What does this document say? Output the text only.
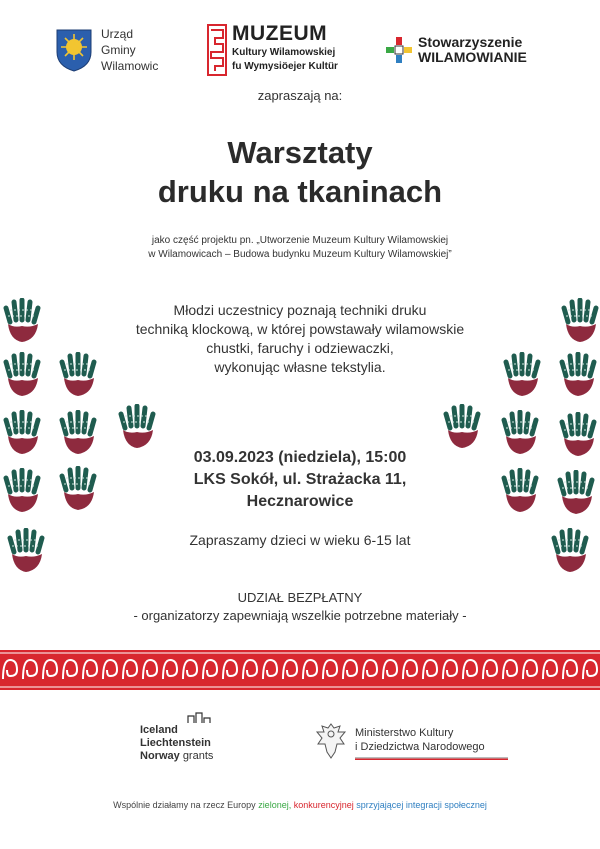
Urząd
Gminy
Wilamowic
MUZEUM
Kultury Wilamowskiej
fu Wymysiöejer Kultür
Stowarzyszenie
WILAMOWIANIE
zapraszają na:
Warsztaty
druku na tkaninach
jako część projektu pn. „Utworzenie Muzeum Kultury Wilamowskiej
w Wilamowicach – Budowa budynku Muzeum Kultury Wilamowskiej”
Młodzi uczestnicy poznają techniki druku
techniką klockową, w której powstawały wilamowskie
chustki, faruchy i odziewaczki,
wykonując własne tekstylia.
03.09.2023 (niedziela), 15:00
LKS Sokół, ul. Strażacka 11,
Hecznarowice
Zapraszamy dzieci w wieku 6-15 lat
UDZIAŁ BEZPŁATNY
- organizatorzy zapewniają wszelkie potrzebne materiały -
Iceland
Liechtenstein
Norway grants
Ministerstwo Kultury
i Dziedzictwa Narodowego
Wspólnie działamy na rzecz Europy zielonej, konkurencyjnej sprzyjającej integracji społecznej
